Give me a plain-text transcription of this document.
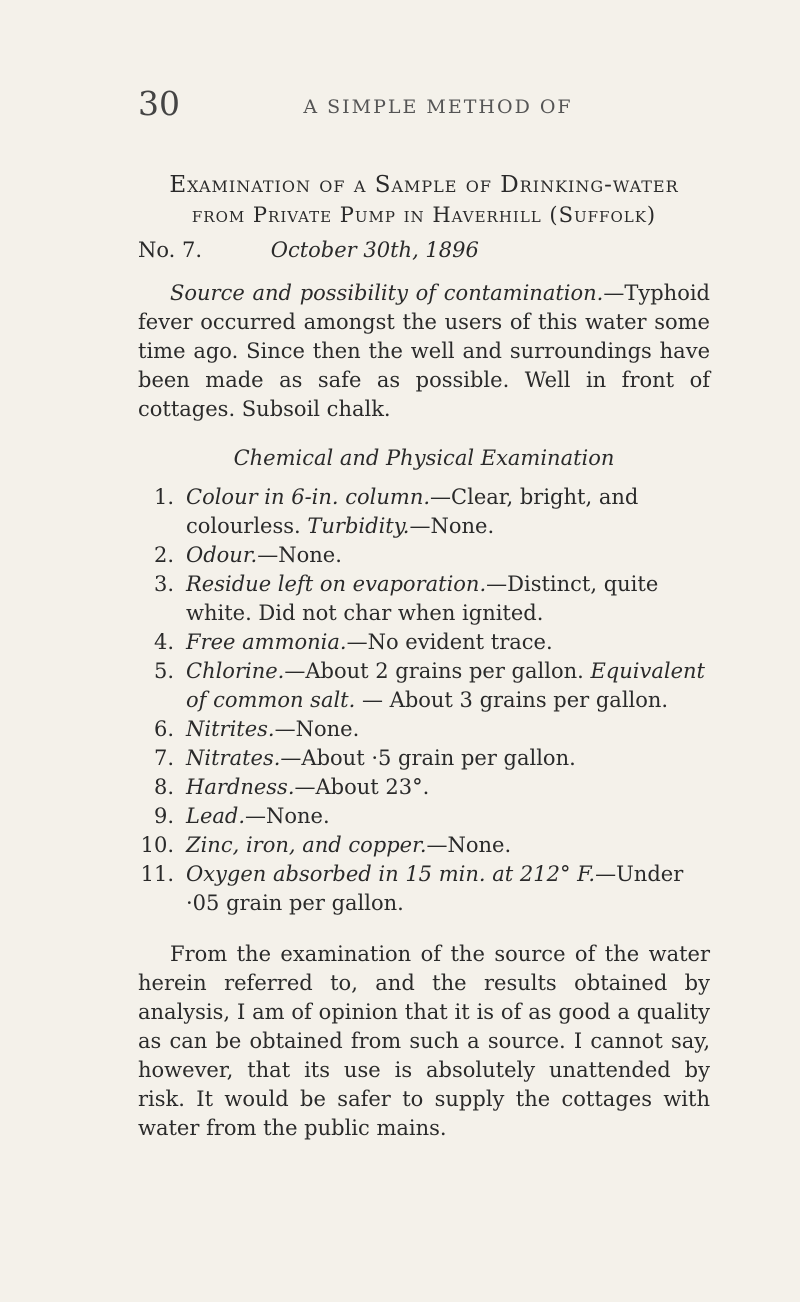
30	A SIMPLE METHOD OF

Examination of a Sample of Drinking-water

from Private Pump in Haverhill (Suffolk)

No. 7.	October 30th, 1896

Source and possibility of contamination.—Typhoid fever occurred amongst the users of this water some time ago. Since then the well and surroundings have been made as safe as possible. Well in front of cottages. Subsoil chalk.

Chemical and Physical Examination

1. Colour in 6-in. column.—Clear, bright, and colourless. Turbidity.—None.
2. Odour.—None.
3. Residue left on evaporation.—Distinct, quite white. Did not char when ignited.
4. Free ammonia.—No evident trace.
5. Chlorine.—About 2 grains per gallon. Equivalent of common salt. — About 3 grains per gallon.
6. Nitrites.—None.
7. Nitrates.—About ·5 grain per gallon.
8. Hardness.—About 23°.
9. Lead.—None.
10. Zinc, iron, and copper.—None.
11. Oxygen absorbed in 15 min. at 212° F.—Under ·05 grain per gallon.

From the examination of the source of the water herein referred to, and the results obtained by analysis, I am of opinion that it is of as good a quality as can be obtained from such a source. I cannot say, however, that its use is absolutely unattended by risk. It would be safer to supply the cottages with water from the public mains.
